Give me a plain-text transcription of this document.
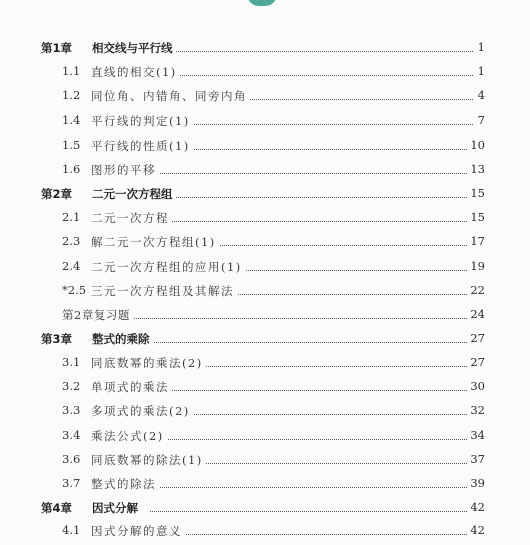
第1章 相交线与平行线	1
1.1 直线的相交(1)	1
1.2 同位角、内错角、同旁内角	4
1.4 平行线的判定(1)	7
1.5 平行线的性质(1)	10
1.6 图形的平移	13
第2章 二元一次方程组	15
2.1 二元一次方程	15
2.3 解二元一次方程组(1)	17
2.4 二元一次方程组的应用(1)	19
*2.5 三元一次方程组及其解法	22
第2章复习题	24
第3章 整式的乘除	27
3.1 同底数幂的乘法(2)	27
3.2 单项式的乘法	30
3.3 多项式的乘法(2)	32
3.4 乘法公式(2)	34
3.6 同底数幂的除法(1)	37
3.7 整式的除法	39
第4章 因式分解	42
4.1 因式分解的意义	42
